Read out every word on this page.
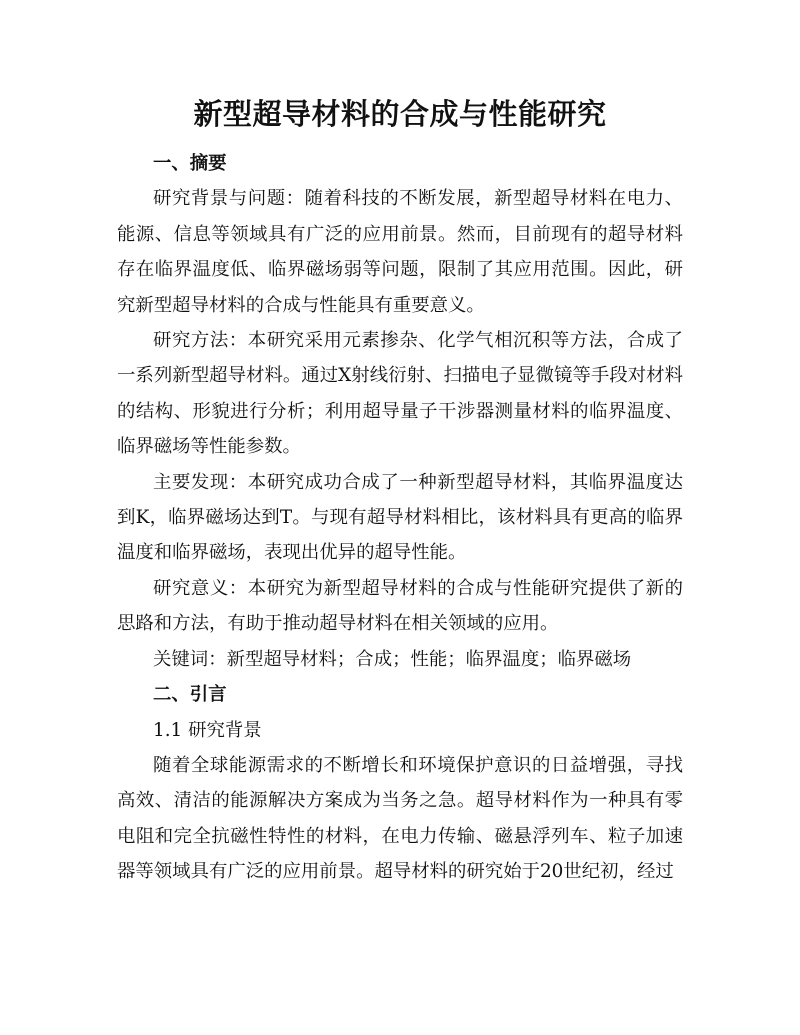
新型超导材料的合成与性能研究

一、摘要

研究背景与问题：随着科技的不断发展，新型超导材料在电力、能源、信息等领域具有广泛的应用前景。然而，目前现有的超导材料存在临界温度低、临界磁场弱等问题，限制了其应用范围。因此，研究新型超导材料的合成与性能具有重要意义。

研究方法：本研究采用元素掺杂、化学气相沉积等方法，合成了一系列新型超导材料。通过X射线衍射、扫描电子显微镜等手段对材料的结构、形貌进行分析；利用超导量子干涉器测量材料的临界温度、临界磁场等性能参数。

主要发现：本研究成功合成了一种新型超导材料，其临界温度达到K，临界磁场达到T。与现有超导材料相比，该材料具有更高的临界温度和临界磁场，表现出优异的超导性能。

研究意义：本研究为新型超导材料的合成与性能研究提供了新的思路和方法，有助于推动超导材料在相关领域的应用。

关键词：新型超导材料；合成；性能；临界温度；临界磁场

二、引言

1.1 研究背景

随着全球能源需求的不断增长和环境保护意识的日益增强，寻找高效、清洁的能源解决方案成为当务之急。超导材料作为一种具有零电阻和完全抗磁性特性的材料，在电力传输、磁悬浮列车、粒子加速器等领域具有广泛的应用前景。超导材料的研究始于20世纪初，经过
